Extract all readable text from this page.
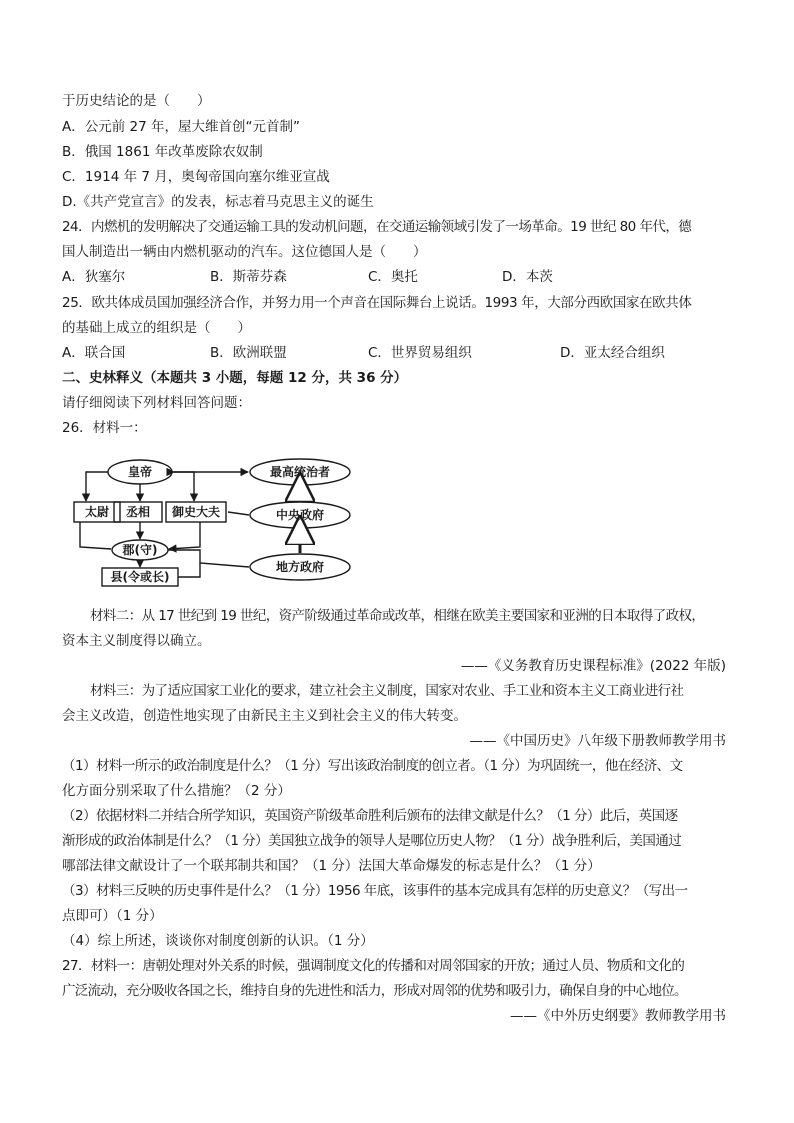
于历史结论的是（　　）
A．公元前 27 年，屋大维首创“元首制”
B．俄国 1861 年改革废除农奴制
C．1914 年 7 月，奥匈帝国向塞尔维亚宣战
D.《共产党宣言》的发表，标志着马克思主义的诞生
24．内燃机的发明解决了交通运输工具的发动机问题，在交通运输领域引发了一场革命。19 世纪 80 年代，德
国人制造出一辆由内燃机驱动的汽车。这位德国人是（　　）
A．狄塞尔	B．斯蒂芬森	C．奥托	D．本茨
25．欧共体成员国加强经济合作，并努力用一个声音在国际舞台上说话。1993 年，大部分西欧国家在欧共体
的基础上成立的组织是（　　）
A．联合国	B．欧洲联盟	C．世界贸易组织	D．亚太经合组织
二、史林释义（本题共 3 小题，每题 12 分，共 36 分）
请仔细阅读下列材料回答问题：
26．材料一：
皇帝
太尉 丞相 御史大夫
郡(守)
县(令或长)
最高统治者
中央政府
地方政府
材料二：从 17 世纪到 19 世纪，资产阶级通过革命或改革，相继在欧美主要国家和亚洲的日本取得了政权，
资本主义制度得以确立。
——《义务教育历史课程标准》(2022 年版)
材料三：为了适应国家工业化的要求，建立社会主义制度，国家对农业、手工业和资本主义工商业进行社
会主义改造，创造性地实现了由新民主主义到社会主义的伟大转变。
——《中国历史》八年级下册教师教学用书
（1）材料一所示的政治制度是什么？（1 分）写出该政治制度的创立者。（1 分）为巩固统一，他在经济、文
化方面分别采取了什么措施？（2 分）
（2）依据材料二并结合所学知识，英国资产阶级革命胜利后颁布的法律文献是什么？（1 分）此后，英国逐
渐形成的政治体制是什么？（1 分）美国独立战争的领导人是哪位历史人物？（1 分）战争胜利后，美国通过
哪部法律文献设计了一个联邦制共和国？（1 分）法国大革命爆发的标志是什么？（1 分）
（3）材料三反映的历史事件是什么？（1 分）1956 年底，该事件的基本完成具有怎样的历史意义？（写出一
点即可）（1 分）
（4）综上所述，谈谈你对制度创新的认识。（1 分）
27．材料一：唐朝处理对外关系的时候，强调制度文化的传播和对周邻国家的开放；通过人员、物质和文化的
广泛流动，充分吸收各国之长，维持自身的先进性和活力，形成对周邻的优势和吸引力，确保自身的中心地位。
——《中外历史纲要》教师教学用书
